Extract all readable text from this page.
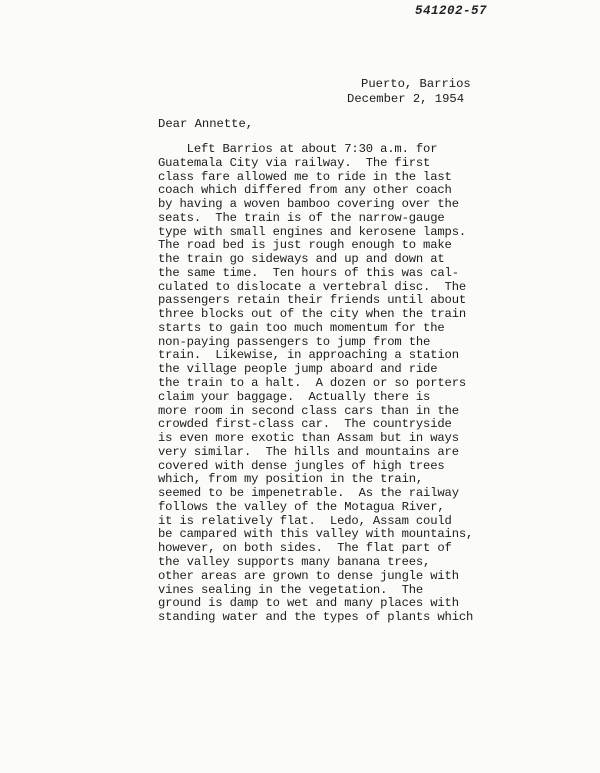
541202-57
Puerto, Barrios
December 2, 1954
Dear Annette,
Left Barrios at about 7:30 a.m. for
Guatemala City via railway.  The first
class fare allowed me to ride in the last
coach which differed from any other coach
by having a woven bamboo covering over the
seats.  The train is of the narrow-gauge
type with small engines and kerosene lamps.
The road bed is just rough enough to make
the train go sideways and up and down at
the same time.  Ten hours of this was cal-
culated to dislocate a vertebral disc.  The
passengers retain their friends until about
three blocks out of the city when the train
starts to gain too much momentum for the
non-paying passengers to jump from the
train.  Likewise, in approaching a station
the village people jump aboard and ride
the train to a halt.  A dozen or so porters
claim your baggage.  Actually there is
more room in second class cars than in the
crowded first-class car.  The countryside
is even more exotic than Assam but in ways
very similar.  The hills and mountains are
covered with dense jungles of high trees
which, from my position in the train,
seemed to be impenetrable.  As the railway
follows the valley of the Motagua River,
it is relatively flat.  Ledo, Assam could
be campared with this valley with mountains,
however, on both sides.  The flat part of
the valley supports many banana trees,
other areas are grown to dense jungle with
vines sealing in the vegetation.  The
ground is damp to wet and many places with
standing water and the types of plants which
